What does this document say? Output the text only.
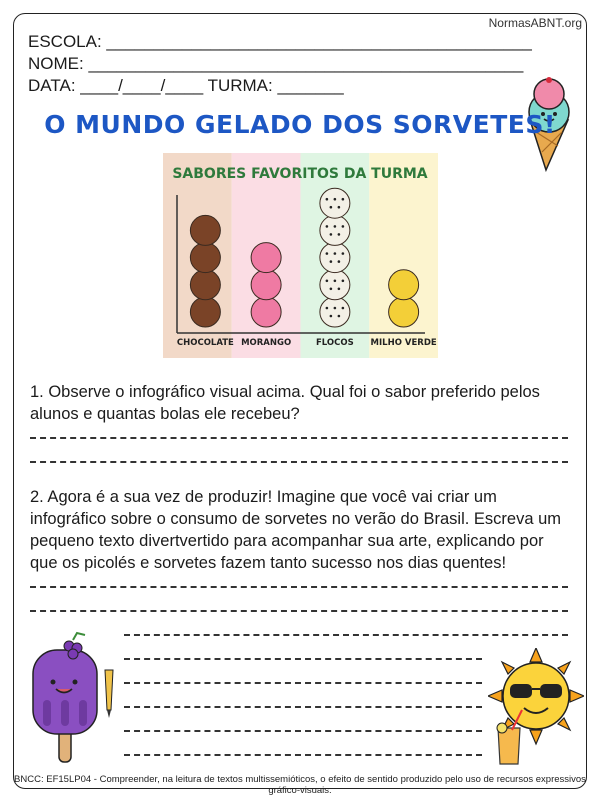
NormasABNT.org
ESCOLA: _____________________________________________
NOME: ______________________________________________
DATA: ____/____/____ TURMA: _______
O MUNDO GELADO DOS SORVETES!
SABORES FAVORITOS DA TURMA
CHOCOLATE MORANGO	FLOCOS MILHO VERDE
1. Observe o infográfico visual acima. Qual foi o sabor preferido pelos alunos e quantas bolas ele recebeu?
2. Agora é a sua vez de produzir! Imagine que você vai criar um infográfico sobre o consumo de sorvetes no verão do Brasil. Escreva um pequeno texto divertvertido para acompanhar sua arte, explicando por que os picolés e sorvetes fazem tanto sucesso nos dias quentes!
BNCC: EF15LP04 - Compreender, na leitura de textos multissemióticos, o efeito de sentido produzido pelo uso de recursos expressivos gráfico-visuais.
